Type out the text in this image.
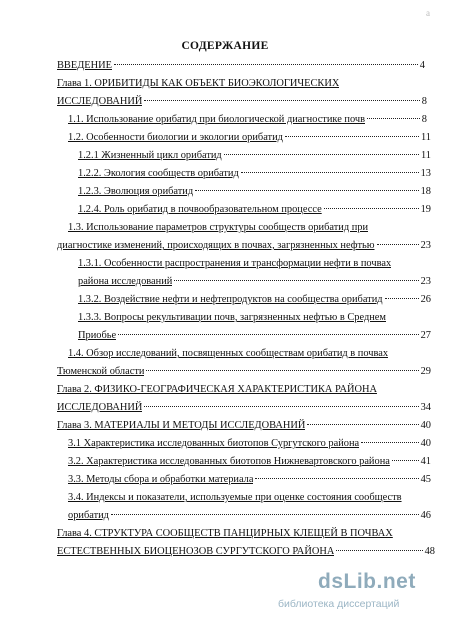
СОДЕРЖАНИЕ
ВВЕДЕНИЕ	4
Глава 1. ОРИБИТИДЫ КАК ОБЪЕКТ БИОЭКОЛОГИЧЕСКИХ
ИССЛЕДОВАНИЙ	8
1.1. Использование орибатид при биологической диагностике почв	8
1.2. Особенности биологии и экологии орибатид	11
1.2.1 Жизненный цикл орибатид	11
1.2.2. Экология сообществ орибатид	13
1.2.3. Эволюция орибатид	18
1.2.4. Роль орибатид в почвообразовательном процессе	19
1.3. Использование параметров структуры сообществ орибатид при
диагностике изменений, происходящих в почвах, загрязненных нефтью	23
1.3.1. Особенности распространения и трансформации нефти в почвах
района исследований	23
1.3.2. Воздействие нефти и нефтепродуктов на сообщества орибатид	26
1.3.3. Вопросы рекультивации почв, загрязненных нефтью в Среднем
Приобье	27
1.4. Обзор исследований, посвященных сообществам орибатид в почвах
Тюменской области	29
Глава 2. ФИЗИКО-ГЕОГРАФИЧЕСКАЯ ХАРАКТЕРИСТИКА РАЙОНА
ИССЛЕДОВАНИЙ	34
Глава 3. МАТЕРИАЛЫ И МЕТОДЫ ИССЛЕДОВАНИЙ	40
3.1 Характеристика исследованных биотопов Сургутского района	40
3.2. Характеристика исследованных биотопов Нижневартовского района	41
3.3. Методы сбора и обработки материала	45
3.4. Индексы и показатели, используемые при оценке состояния сообществ
орибатид	46
Глава 4. СТРУКТУРА СООБЩЕСТВ ПАНЦИРНЫХ КЛЕЩЕЙ В ПОЧВАХ
ЕСТЕСТВЕННЫХ БИОЦЕНОЗОВ СУРГУТСКОГО РАЙОНА	48
а
dsLib.net
библиотека диссертаций
